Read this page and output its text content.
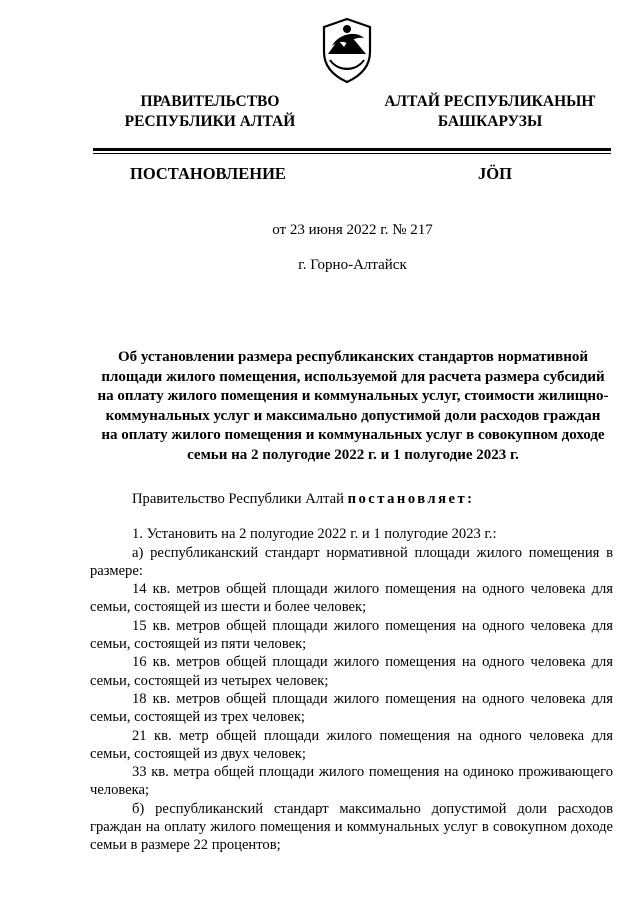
ПРАВИТЕЛЬСТВО
РЕСПУБЛИКИ АЛТАЙ
АЛТАЙ РЕСПУБЛИКАНЫҤ
БАШКАРУЗЫ
ПОСТАНОВЛЕНИЕ	JӦП
от 23 июня 2022 г. № 217
г. Горно-Алтайск
Об установлении размера республиканских стандартов нормативной
площади жилого помещения, используемой для расчета размера субсидий
на оплату жилого помещения и коммунальных услуг, стоимости жилищно-
коммунальных услуг и максимально допустимой доли расходов граждан
на оплату жилого помещения и коммунальных услуг в совокупном доходе
семьи на 2 полугодие 2022 г. и 1 полугодие 2023 г.

Правительство Республики Алтай постановляет:

1. Установить на 2 полугодие 2022 г. и 1 полугодие 2023 г.:

а) республиканский стандарт нормативной площади жилого помещения в размере:

14 кв. метров общей площади жилого помещения на одного человека для семьи, состоящей из шести и более человек;

15 кв. метров общей площади жилого помещения на одного человека для семьи, состоящей из пяти человек;

16 кв. метров общей площади жилого помещения на одного человека для семьи, состоящей из четырех человек;

18 кв. метров общей площади жилого помещения на одного человека для семьи, состоящей из трех человек;

21 кв. метр общей площади жилого помещения на одного человека для семьи, состоящей из двух человек;

33 кв. метра общей площади жилого помещения на одиноко проживающего человека;

б) республиканский стандарт максимально допустимой доли расходов граждан на оплату жилого помещения и коммунальных услуг в совокупном доходе семьи в размере 22 процентов;
